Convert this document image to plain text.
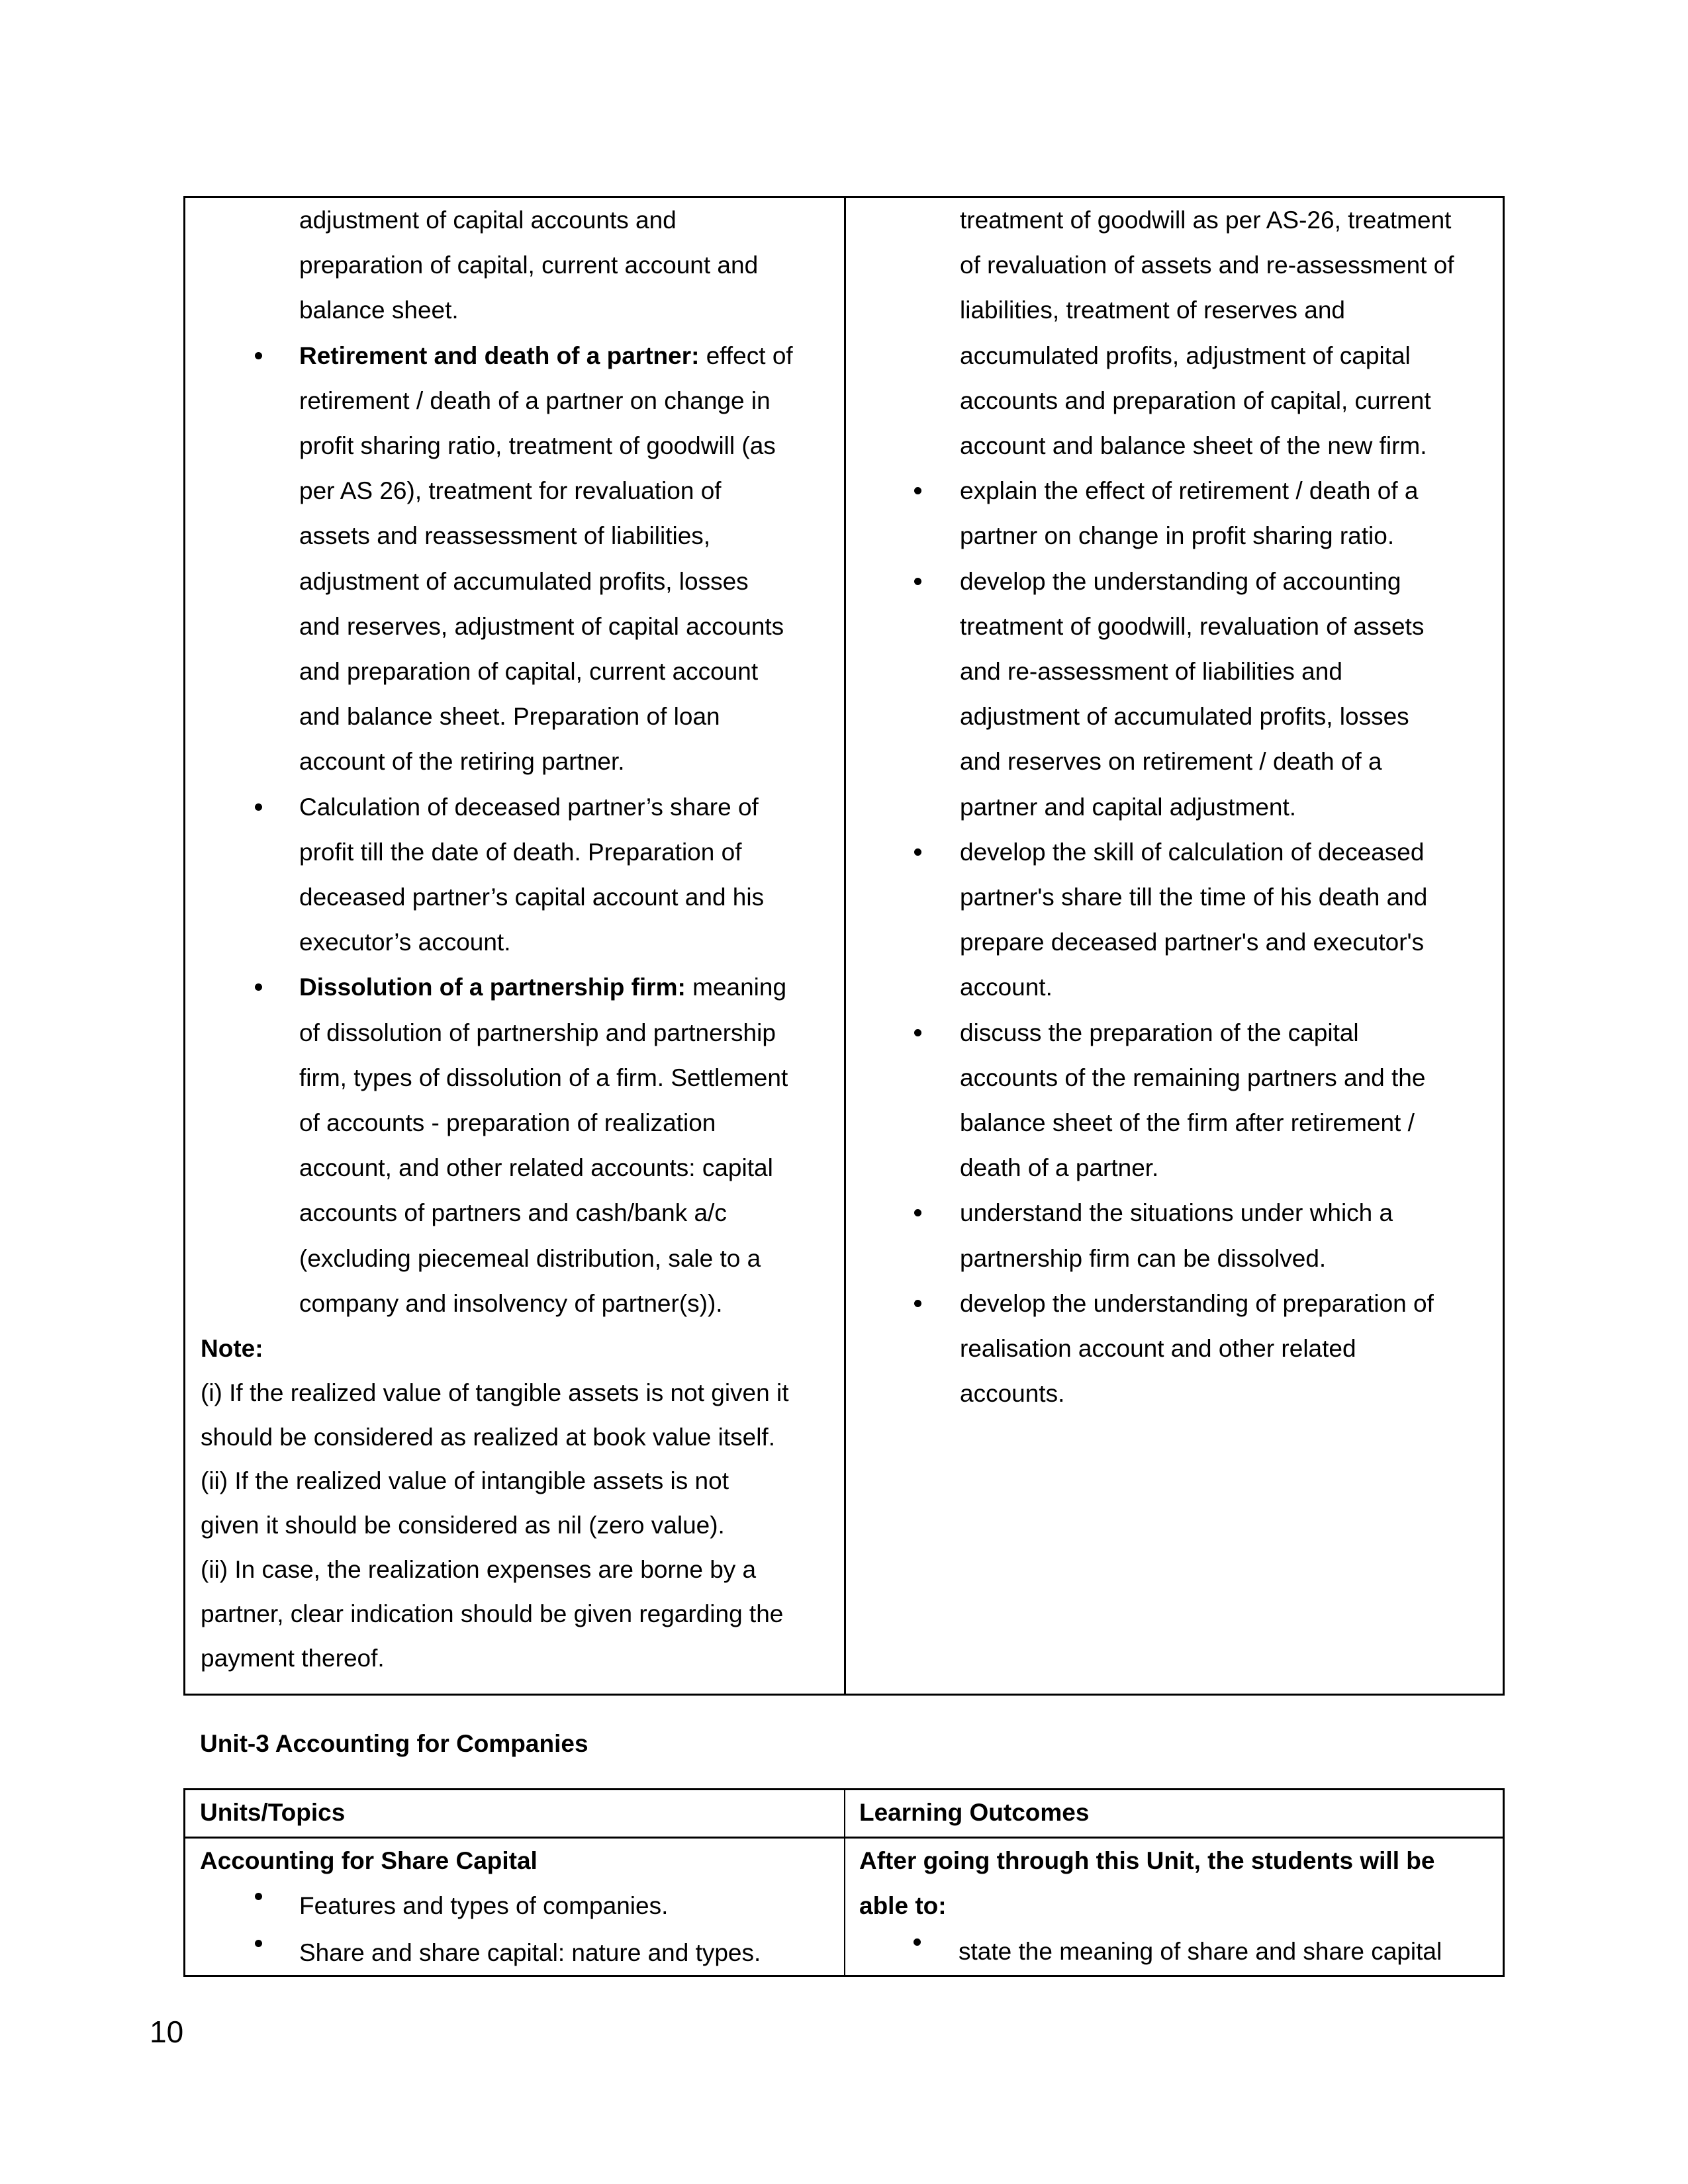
adjustment of capital accounts and
preparation of capital, current account and
balance sheet.
Retirement and death of a partner: effect of
retirement / death of a partner on change in
profit sharing ratio, treatment of goodwill (as
per AS 26), treatment for revaluation of
assets and reassessment of liabilities,
adjustment of accumulated profits, losses
and reserves, adjustment of capital accounts
and preparation of capital, current account
and balance sheet. Preparation of loan
account of the retiring partner.
Calculation of deceased partner’s share of
profit till the date of death. Preparation of
deceased partner’s capital account and his
executor’s account.
Dissolution of a partnership firm: meaning
of dissolution of partnership and partnership
firm, types of dissolution of a firm. Settlement
of accounts - preparation of realization
account, and other related accounts: capital
accounts of partners and cash/bank a/c
(excluding piecemeal distribution, sale to a
company and insolvency of partner(s)).
Note:
(i) If the realized value of tangible assets is not given it
should be considered as realized at book value itself.
(ii) If the realized value of intangible assets is not
given it should be considered as nil (zero value).
(ii) In case, the realization expenses are borne by a
partner, clear indication should be given regarding the
payment thereof.
treatment of goodwill as per AS-26, treatment
of revaluation of assets and re-assessment of
liabilities, treatment of reserves and
accumulated profits, adjustment of capital
accounts and preparation of capital, current
account and balance sheet of the new firm.
explain the effect of retirement / death of a
partner on change in profit sharing ratio.
develop the understanding of accounting
treatment of goodwill, revaluation of assets
and re-assessment of liabilities and
adjustment of accumulated profits, losses
and reserves on retirement / death of a
partner and capital adjustment.
develop the skill of calculation of deceased
partner's share till the time of his death and
prepare deceased partner's and executor's
account.
discuss the preparation of the capital
accounts of the remaining partners and the
balance sheet of the firm after retirement /
death of a partner.
understand the situations under which a
partnership firm can be dissolved.
develop the understanding of preparation of
realisation account and other related
accounts.
Unit-3 Accounting for Companies
Units/Topics	Learning Outcomes
Accounting for Share Capital
Features and types of companies.
Share and share capital: nature and types.
After going through this Unit, the students will be
able to:
state the meaning of share and share capital
10
